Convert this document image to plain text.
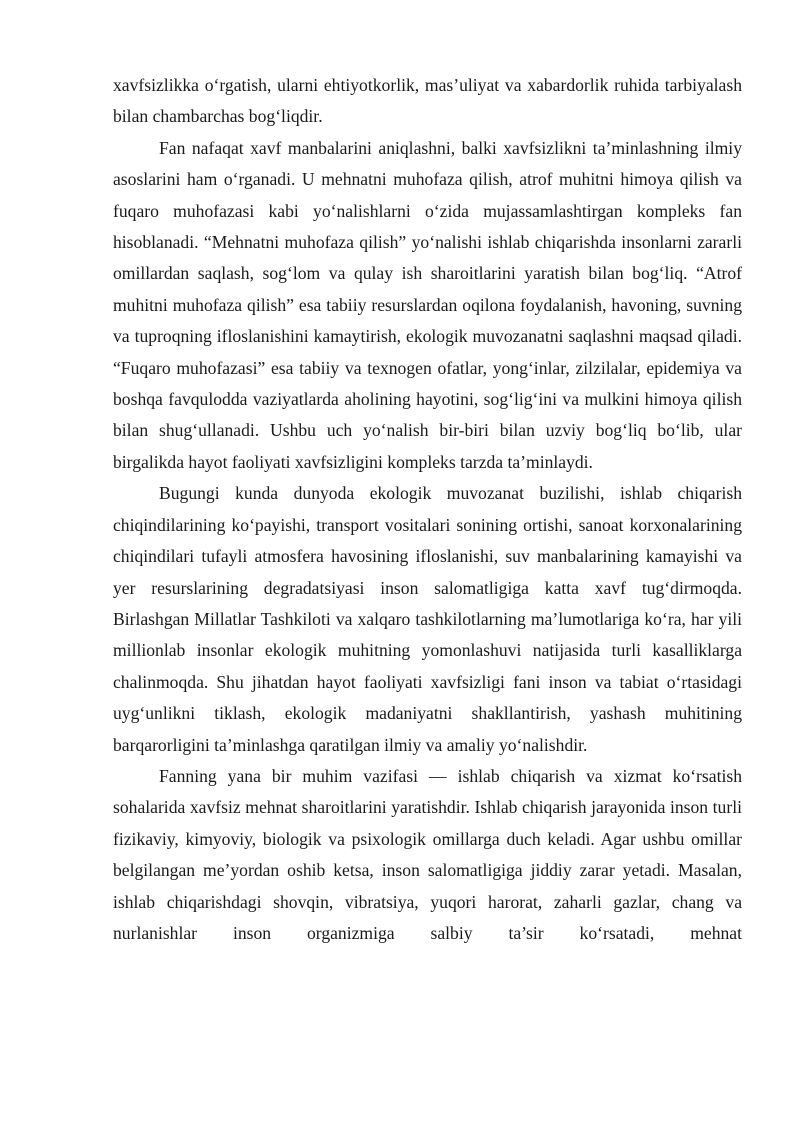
xavfsizlikka o‘rgatish, ularni ehtiyotkorlik, mas’uliyat va xabardorlik ruhida tarbiyalash bilan chambarchas bog‘liqdir.

Fan nafaqat xavf manbalarini aniqlashni, balki xavfsizlikni ta’minlashning ilmiy asoslarini ham o‘rganadi. U mehnatni muhofaza qilish, atrof muhitni himoya qilish va fuqaro muhofazasi kabi yo‘nalishlarni o‘zida mujassamlashtirgan kompleks fan hisoblanadi. “Mehnatni muhofaza qilish” yo‘nalishi ishlab chiqarishda insonlarni zararli omillardan saqlash, sog‘lom va qulay ish sharoitlarini yaratish bilan bog‘liq. “Atrof muhitni muhofaza qilish” esa tabiiy resurslardan oqilona foydalanish, havoning, suvning va tuproqning ifloslanishini kamaytirish, ekologik muvozanatni saqlashni maqsad qiladi. “Fuqaro muhofazasi” esa tabiiy va texnogen ofatlar, yong‘inlar, zilzilalar, epidemiya va boshqa favqulodda vaziyatlarda aholining hayotini, sog‘lig‘ini va mulkini himoya qilish bilan shug‘ullanadi. Ushbu uch yo‘nalish bir-biri bilan uzviy bog‘liq bo‘lib, ular birgalikda hayot faoliyati xavfsizligini kompleks tarzda ta’minlaydi.

Bugungi kunda dunyoda ekologik muvozanat buzilishi, ishlab chiqarish chiqindilarining ko‘payishi, transport vositalari sonining ortishi, sanoat korxonalarining chiqindilari tufayli atmosfera havosining ifloslanishi, suv manbalarining kamayishi va yer resurslarining degradatsiyasi inson salomatligiga katta xavf tug‘dirmoqda. Birlashgan Millatlar Tashkiloti va xalqaro tashkilotlarning ma’lumotlariga ko‘ra, har yili millionlab insonlar ekologik muhitning yomonlashuvi natijasida turli kasalliklarga chalinmoqda. Shu jihatdan hayot faoliyati xavfsizligi fani inson va tabiat o‘rtasidagi uyg‘unlikni tiklash, ekologik madaniyatni shakllantirish, yashash muhitining barqarorligini ta’minlashga qaratilgan ilmiy va amaliy yo‘nalishdir.

Fanning yana bir muhim vazifasi — ishlab chiqarish va xizmat ko‘rsatish sohalarida xavfsiz mehnat sharoitlarini yaratishdir. Ishlab chiqarish jarayonida inson turli fizikaviy, kimyoviy, biologik va psixologik omillarga duch keladi. Agar ushbu omillar belgilangan me’yordan oshib ketsa, inson salomatligiga jiddiy zarar yetadi. Masalan, ishlab chiqarishdagi shovqin, vibratsiya, yuqori harorat, zaharli gazlar, chang va nurlanishlar inson organizmiga salbiy ta’sir ko‘rsatadi, mehnat
